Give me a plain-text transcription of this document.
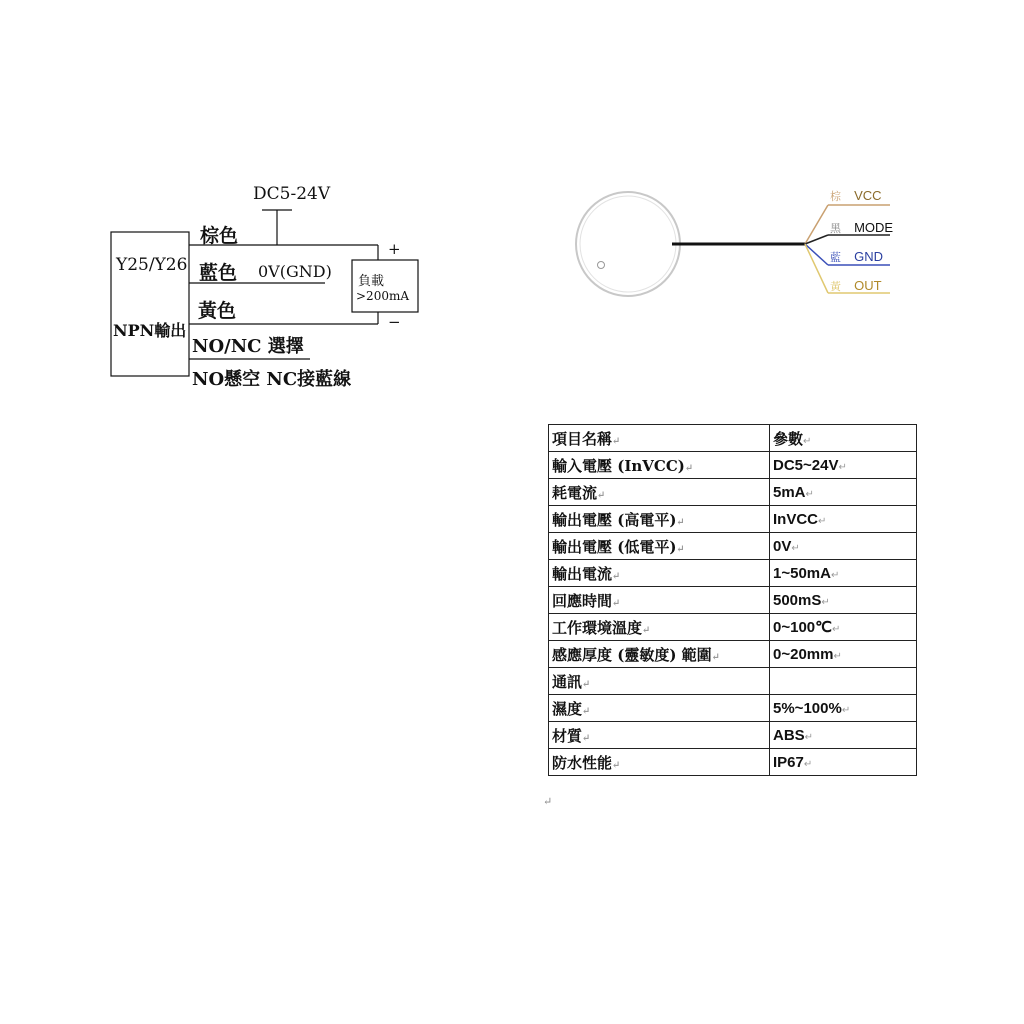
DC5-24V
棕色
Y25/Y26 藍色 0V(GND)
+
負載
>200mA
黃色	−
NPN輸出
NO/NC 選擇
NO懸空 NC接藍線
棕 VCC
黑 MODE
藍 GND
黃 OUT
項目名稱↵	參數↵
輸入電壓 (InVCC)↵	DC5~24V↵
耗電流↵	5mA↵
輸出電壓 (高電平)↵	InVCC↵
輸出電壓 (低電平)↵	0V↵
輸出電流↵	1~50mA↵
回應時間↵	500mS↵
工作環境溫度↵	0~100℃↵
感應厚度 (靈敏度) 範圍↵	0~20mm↵
通訊↵	
濕度↵	5%~100%↵
材質↵	ABS↵
防水性能↵	IP67↵
↵
